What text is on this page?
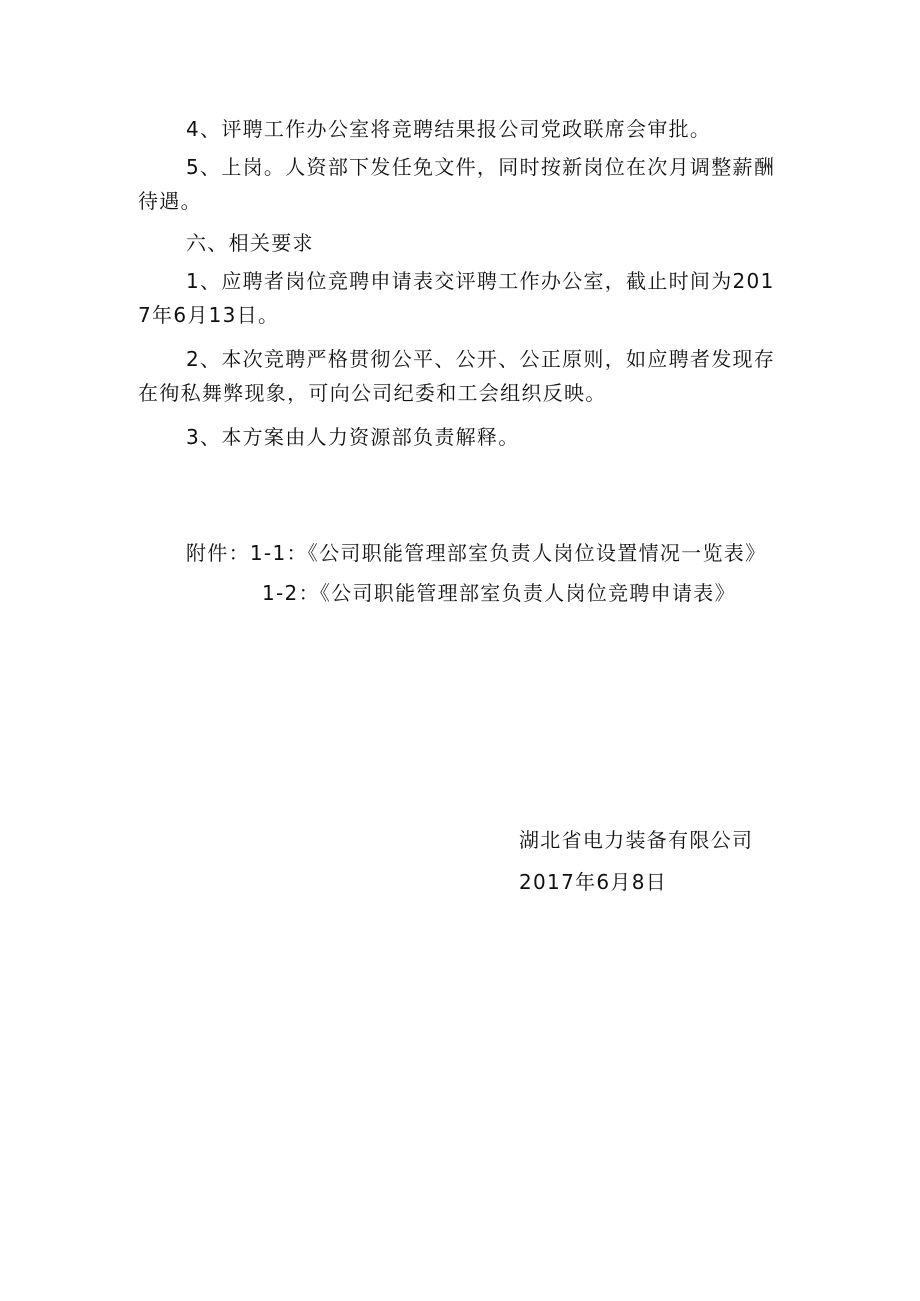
4、评聘工作办公室将竞聘结果报公司党政联席会审批。
5、上岗。人资部下发任免文件，同时按新岗位在次月调整薪酬待遇。
六、相关要求
1、应聘者岗位竞聘申请表交评聘工作办公室，截止时间为2017年6月13日。
2、本次竞聘严格贯彻公平、公开、公正原则，如应聘者发现存在徇私舞弊现象，可向公司纪委和工会组织反映。
3、本方案由人力资源部负责解释。
附件：1-1：《公司职能管理部室负责人岗位设置情况一览表》
1-2：《公司职能管理部室负责人岗位竞聘申请表》
湖北省电力装备有限公司
2017年6月8日
